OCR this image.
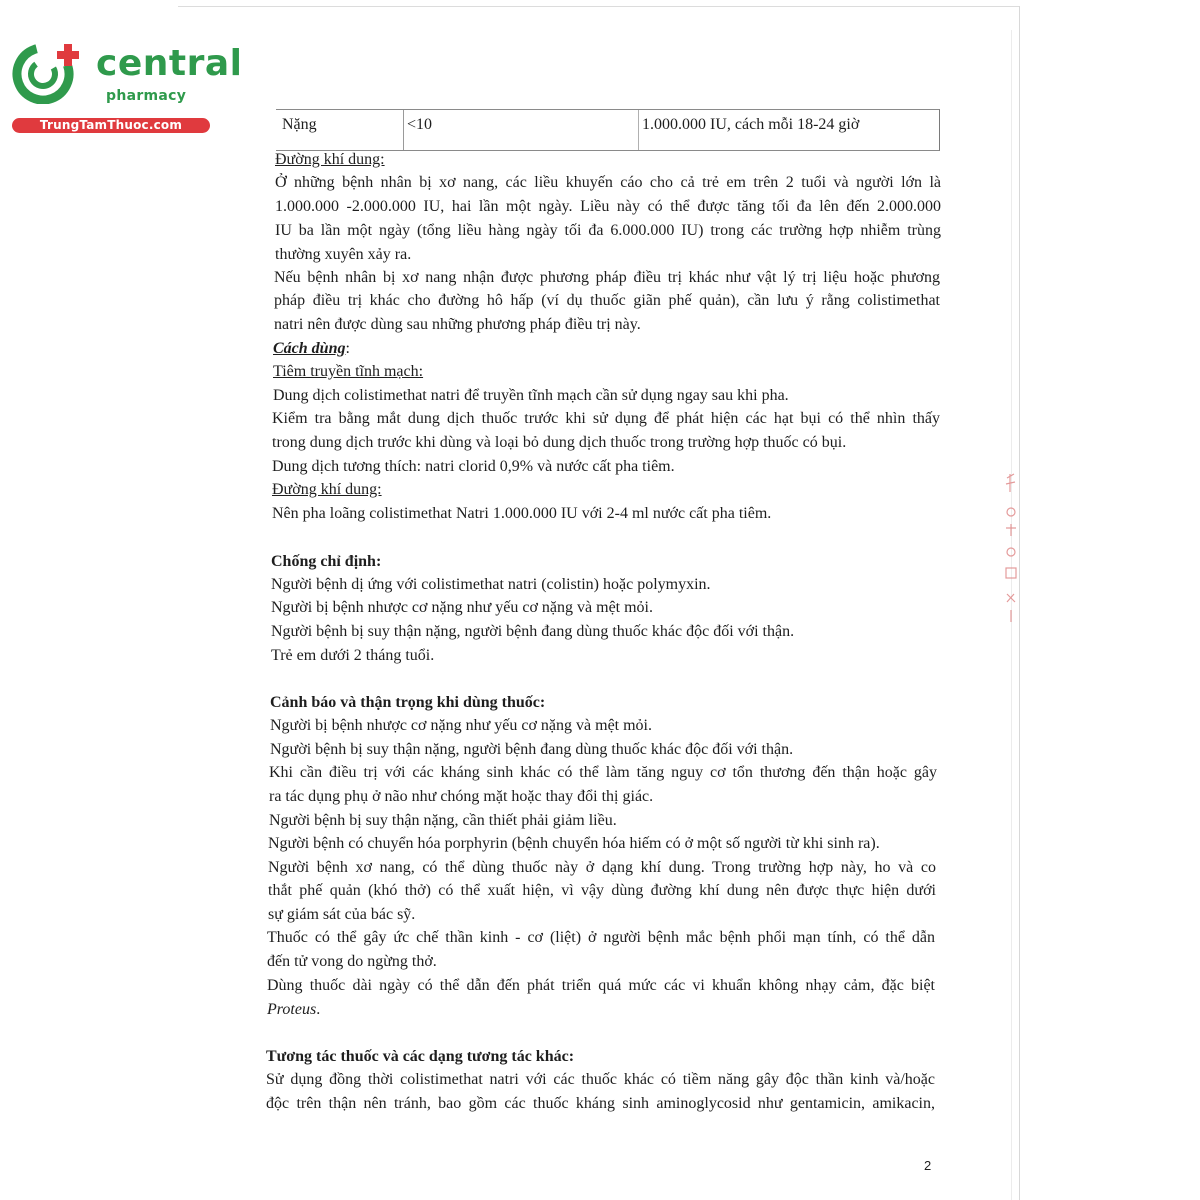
central
pharmacy
TrungTamThuoc.com	Nặng	<10	1.000.000 IU, cách mỗi 18-24 giờ
Đường khí dung:
Ở những bệnh nhân bị xơ nang, các liều khuyến cáo cho cả trẻ em trên 2 tuổi và người lớn là
1.000.000 -2.000.000 IU, hai lần một ngày. Liều này có thể được tăng tối đa lên đến 2.000.000
IU ba lần một ngày (tổng liều hàng ngày tối đa 6.000.000 IU) trong các trường hợp nhiễm trùng
thường xuyên xảy ra.
Nếu bệnh nhân bị xơ nang nhận được phương pháp điều trị khác như vật lý trị liệu hoặc phương
pháp điều trị khác cho đường hô hấp (ví dụ thuốc giãn phế quản), cần lưu ý rằng colistimethat
natri nên được dùng sau những phương pháp điều trị này.
Cách dùng:
Tiêm truyền tĩnh mạch:
Dung dịch colistimethat natri để truyền tĩnh mạch cần sử dụng ngay sau khi pha.
Kiểm tra bằng mắt dung dịch thuốc trước khi sử dụng để phát hiện các hạt bụi có thể nhìn thấy
trong dung dịch trước khi dùng và loại bỏ dung dịch thuốc trong trường hợp thuốc có bụi.
Dung dịch tương thích: natri clorid 0,9% và nước cất pha tiêm.
Đường khí dung:
Nên pha loãng colistimethat Natri 1.000.000 IU với 2-4 ml nước cất pha tiêm.
Chống chỉ định:
Người bệnh dị ứng với colistimethat natri (colistin) hoặc polymyxin.
Người bị bệnh nhược cơ nặng như yếu cơ nặng và mệt mỏi.
Người bệnh bị suy thận nặng, người bệnh đang dùng thuốc khác độc đối với thận.
Trẻ em dưới 2 tháng tuổi.
Cảnh báo và thận trọng khi dùng thuốc:
Người bị bệnh nhược cơ nặng như yếu cơ nặng và mệt mỏi.
Người bệnh bị suy thận nặng, người bệnh đang dùng thuốc khác độc đối với thận.
Khi cần điều trị với các kháng sinh khác có thể làm tăng nguy cơ tổn thương đến thận hoặc gây
ra tác dụng phụ ở não như chóng mặt hoặc thay đổi thị giác.
Người bệnh bị suy thận nặng, cần thiết phải giảm liều.
Người bệnh có chuyển hóa porphyrin (bệnh chuyển hóa hiếm có ở một số người từ khi sinh ra).
Người bệnh xơ nang, có thể dùng thuốc này ở dạng khí dung. Trong trường hợp này, ho và co
thắt phế quản (khó thở) có thể xuất hiện, vì vậy dùng đường khí dung nên được thực hiện dưới
sự giám sát của bác sỹ.
Thuốc có thể gây ức chế thần kinh - cơ (liệt) ở người bệnh mắc bệnh phổi mạn tính, có thể dẫn
đến tử vong do ngừng thở.
Dùng thuốc dài ngày có thể dẫn đến phát triển quá mức các vi khuẩn không nhạy cảm, đặc biệt
Proteus.
Tương tác thuốc và các dạng tương tác khác:
Sử dụng đồng thời colistimethat natri với các thuốc khác có tiềm năng gây độc thần kinh và/hoặc
độc trên thận nên tránh, bao gồm các thuốc kháng sinh aminoglycosid như gentamicin, amikacin,
2
